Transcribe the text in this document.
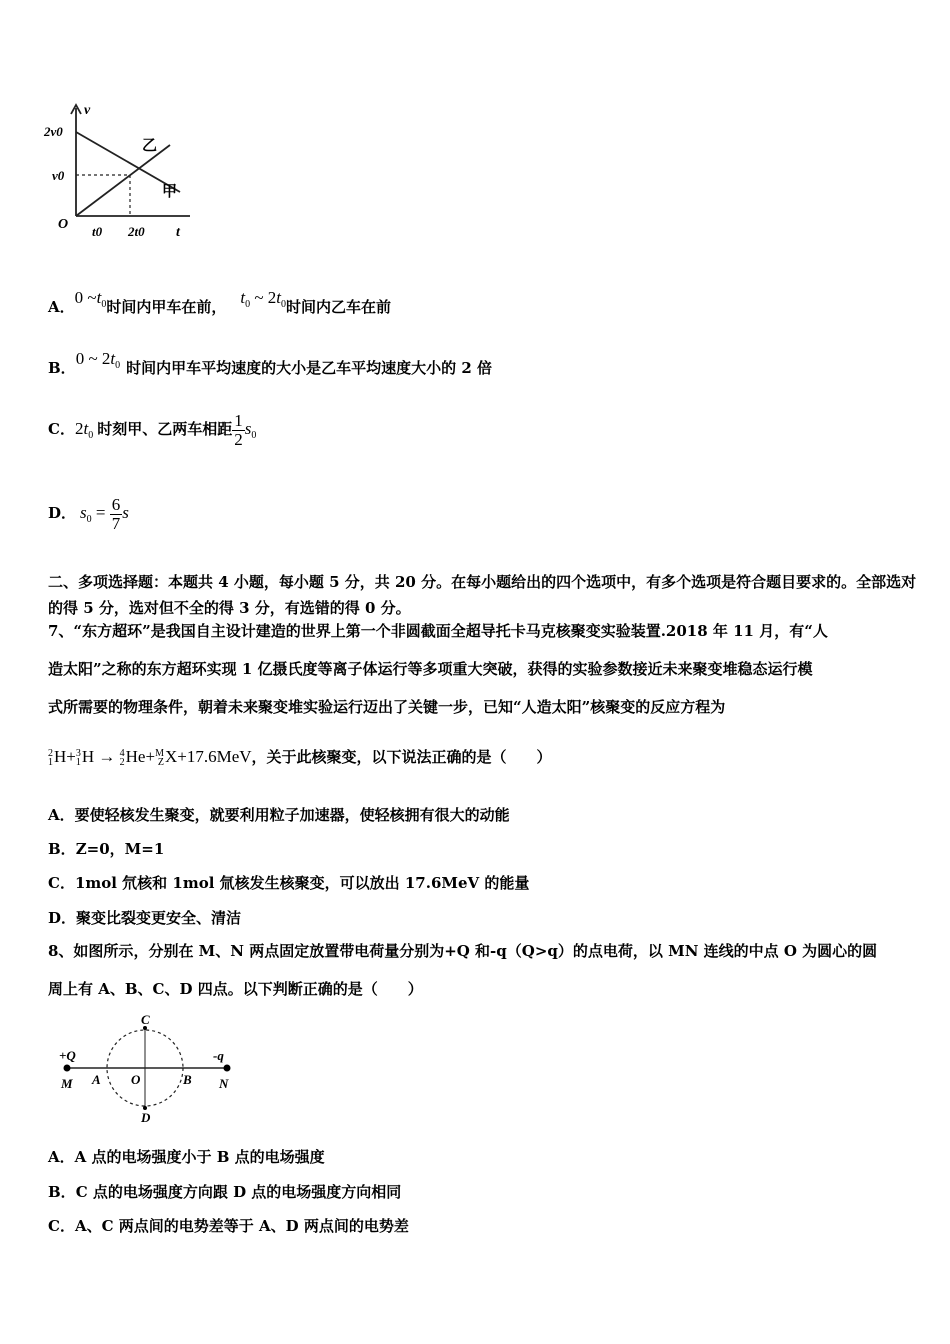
v
2v0
v0
O t0 2t0 t
乙
甲
A．0 $\sim t_0$时间内甲车在前， $t_0$ ~ $2t_0$时间内乙车在前
B．0 ~ $2t_0$ 时间内甲车平均速度的大小是乙车平均速度大小的 2 倍
C．$2t_0$ 时刻甲、乙两车相距 $\frac{1}{2} s_0$
D． $s_0 = \frac{6}{7}$ s
二、多项选择题：本题共 4 小题，每小题 5 分，共 20 分。在每小题给出的四个选项中，有多个选项是符合题目要求的。全部选对的得 5 分，选对但不全的得 3 分，有选错的得 0 分。
7、“东方超环”是我国自主设计建造的世界上第一个非圆截面全超导托卡马克核聚变实验装置.2018 年 11 月，有“人
造太阳”之称的东方超环实现 1 亿摄氏度等离子体运行等多项重大突破，获得的实验参数接近未来聚变堆稳态运行模
式所需要的物理条件，朝着未来聚变堆实验运行迈出了关键一步，已知“人造太阳”核聚变的反应方程为
2
1 H+ 3
1 H → 4
2 He+ M
Z X+17.6MeV，关于此核聚变，以下说法正确的是（　　）
A．要使轻核发生聚变，就要利用粒子加速器，使轻核拥有很大的动能
B．Z=0，M=1
C．1mol 氘核和 1mol 氚核发生核聚变，可以放出 17.6MeV 的能量
D．聚变比裂变更安全、清洁
8、如图所示，分别在 M、N 两点固定放置带电荷量分别为+Q 和-q（Q>q）的点电荷，以 MN 连线的中点 O 为圆心的圆
周上有 A、B、C、D 四点。以下判断正确的是（　　）
+Q	-q
M	N
A O	B
C
D
A．A 点的电场强度小于 B 点的电场强度
B．C 点的电场强度方向跟 D 点的电场强度方向相同
C．A、C 两点间的电势差等于 A、D 两点间的电势差
